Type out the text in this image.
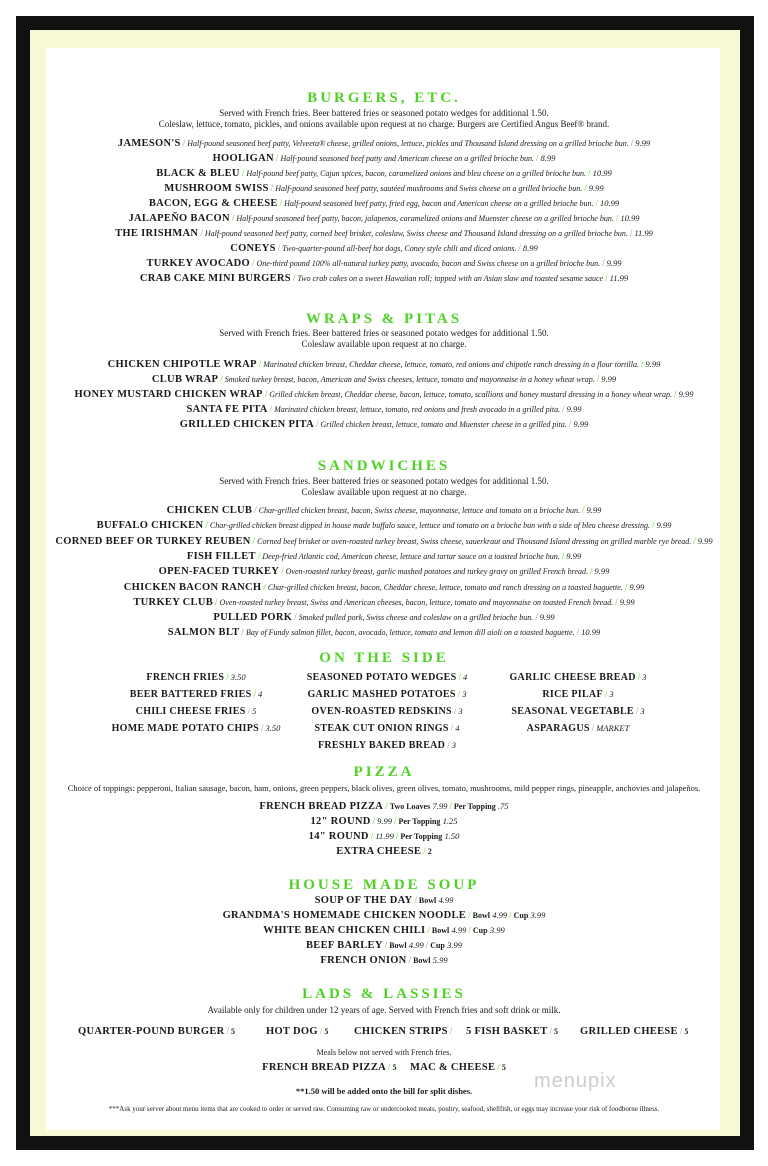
BURGERS, ETC.
Served with French fries. Beer battered fries or seasoned potato wedges for additional 1.50.
Coleslaw, lettuce, tomato, pickles, and onions available upon request at no charge. Burgers are Certified Angus Beef® brand.
JAMESON'S / Half-pound seasoned beef patty, Velveeta® cheese, grilled onions, lettuce, pickles and Thousand Island dressing on a grilled brioche bun. / 9.99
HOOLIGAN / Half-pound seasoned beef patty and American cheese on a grilled brioche bun. / 8.99
BLACK & BLEU / Half-pound beef patty, Cajun spices, bacon, caramelized onions and bleu cheese on a grilled brioche bun. / 10.99
MUSHROOM SWISS / Half-pound seasoned beef patty, sautéed mushrooms and Swiss cheese on a grilled brioche bun. / 9.99
BACON, EGG & CHEESE / Half-pound seasoned beef patty, fried egg, bacon and American cheese on a grilled brioche bun. / 10.99
JALAPEÑO BACON / Half-pound seasoned beef patty, bacon, jalapenos, caramelized onions and Muenster cheese on a grilled brioche bun. / 10.99
THE IRISHMAN / Half-pound seasoned beef patty, corned beef brisket, coleslaw, Swiss cheese and Thousand Island dressing on a grilled brioche bun. / 11.99
CONEYS / Two-quarter-pound all-beef hot dogs, Coney style chili and diced onions. / 8.99
TURKEY AVOCADO / One-third pound 100% all-natural turkey patty, avocado, bacon and Swiss cheese on a grilled brioche bun. / 9.99
CRAB CAKE MINI BURGERS / Two crab cakes on a sweet Hawaiian roll; topped with an Asian slaw and toasted sesame sauce / 11.99
WRAPS & PITAS
Served with French fries. Beer battered fries or seasoned potato wedges for additional 1.50.
Coleslaw available upon request at no charge.
CHICKEN CHIPOTLE WRAP / Marinated chicken breast, Cheddar cheese, lettuce, tomato, red onions and chipotle ranch dressing in a flour tortilla. / 9.99
CLUB WRAP / Smoked turkey breast, bacon, American and Swiss cheeses, lettuce, tomato and mayonnaise in a honey wheat wrap. / 9.99
HONEY MUSTARD CHICKEN WRAP / Grilled chicken breast, Cheddar cheese, bacon, lettuce, tomato, scallions and honey mustard dressing in a honey wheat wrap. / 9.99
SANTA FE PITA / Marinated chicken breast, lettuce, tomato, red onions and fresh avocado in a grilled pita. / 9.99
GRILLED CHICKEN PITA / Grilled chicken breast, lettuce, tomato and Muenster cheese in a grilled pita. / 9.99
SANDWICHES
Served with French fries. Beer battered fries or seasoned potato wedges for additional 1.50.
Coleslaw available upon request at no charge.
CHICKEN CLUB / Char-grilled chicken breast, bacon, Swiss cheese, mayonnaise, lettuce and tomato on a brioche bun. / 9.99
BUFFALO CHICKEN / Char-grilled chicken breast dipped in house made buffalo sauce, lettuce and tomato on a brioche bun with a side of bleu cheese dressing. / 9.99
CORNED BEEF OR TURKEY REUBEN / Corned beef brisket or oven-roasted turkey breast, Swiss cheese, sauerkraut and Thousand Island dressing on grilled marble rye bread. / 9.99
FISH FILLET / Deep-fried Atlantic cod, American cheese, lettuce and tartar sauce on a toasted brioche bun. / 9.99
OPEN-FACED TURKEY / Oven-roasted turkey breast, garlic mashed potatoes and turkey gravy on grilled French bread. / 9.99
CHICKEN BACON RANCH / Char-grilled chicken breast, bacon, Cheddar cheese, lettuce, tomato and ranch dressing on a toasted baguette. / 9.99
TURKEY CLUB / Oven-roasted turkey breast, Swiss and American cheeses, bacon, lettuce, tomato and mayonnaise on toasted French bread. / 9.99
PULLED PORK / Smoked pulled pork, Swiss cheese and coleslaw on a grilled brioche bun. / 9.99
SALMON BLT / Bay of Fundy salmon fillet, bacon, avocado, lettuce, tomato and lemon dill aioli on a toasted baguette. / 10.99
ON THE SIDE
FRENCH FRIES / 3.50
BEER BATTERED FRIES / 4
CHILI CHEESE FRIES / 5
HOME MADE POTATO CHIPS / 3.50
SEASONED POTATO WEDGES / 4
GARLIC MASHED POTATOES / 3
OVEN-ROASTED REDSKINS / 3
STEAK CUT ONION RINGS / 4
FRESHLY BAKED BREAD / 3
GARLIC CHEESE BREAD / 3
RICE PILAF / 3
SEASONAL VEGETABLE / 3
ASPARAGUS / MARKET
PIZZA
Choice of toppings: pepperoni, Italian sausage, bacon, ham, onions, green peppers, black olives, green olives, tomato, mushrooms, mild pepper rings, pineapple, anchovies and jalapeños.
FRENCH BREAD PIZZA / Two Loaves 7.99 / Per Topping .75
12" ROUND / 9.99 / Per Topping 1.25
14" ROUND / 11.99 / Per Topping 1.50
EXTRA CHEESE / 2
HOUSE MADE SOUP
SOUP OF THE DAY / Bowl 4.99
GRANDMA'S HOMEMADE CHICKEN NOODLE / Bowl 4.99 / Cup 3.99
WHITE BEAN CHICKEN CHILI / Bowl 4.99 / Cup 3.99
BEEF BARLEY / Bowl 4.99 / Cup 3.99
FRENCH ONION / Bowl 5.99
LADS & LASSIES
Available only for children under 12 years of age. Served with French fries and soft drink or milk.
QUARTER-POUND BURGER / 5	HOT DOG / 5 CHICKEN STRIPS / 5 FISH BASKET / 5 GRILLED CHEESE / 5
Meals below not served with French fries.
FRENCH BREAD PIZZA / 5 MAC & CHEESE / 5
menupix
**1.50 will be added onto the bill for split dishes.
***Ask your server about menu items that are cooked to order or served raw. Consuming raw or undercooked meats, poultry, seafood, shellfish, or eggs may increase your risk of foodborne illness.
